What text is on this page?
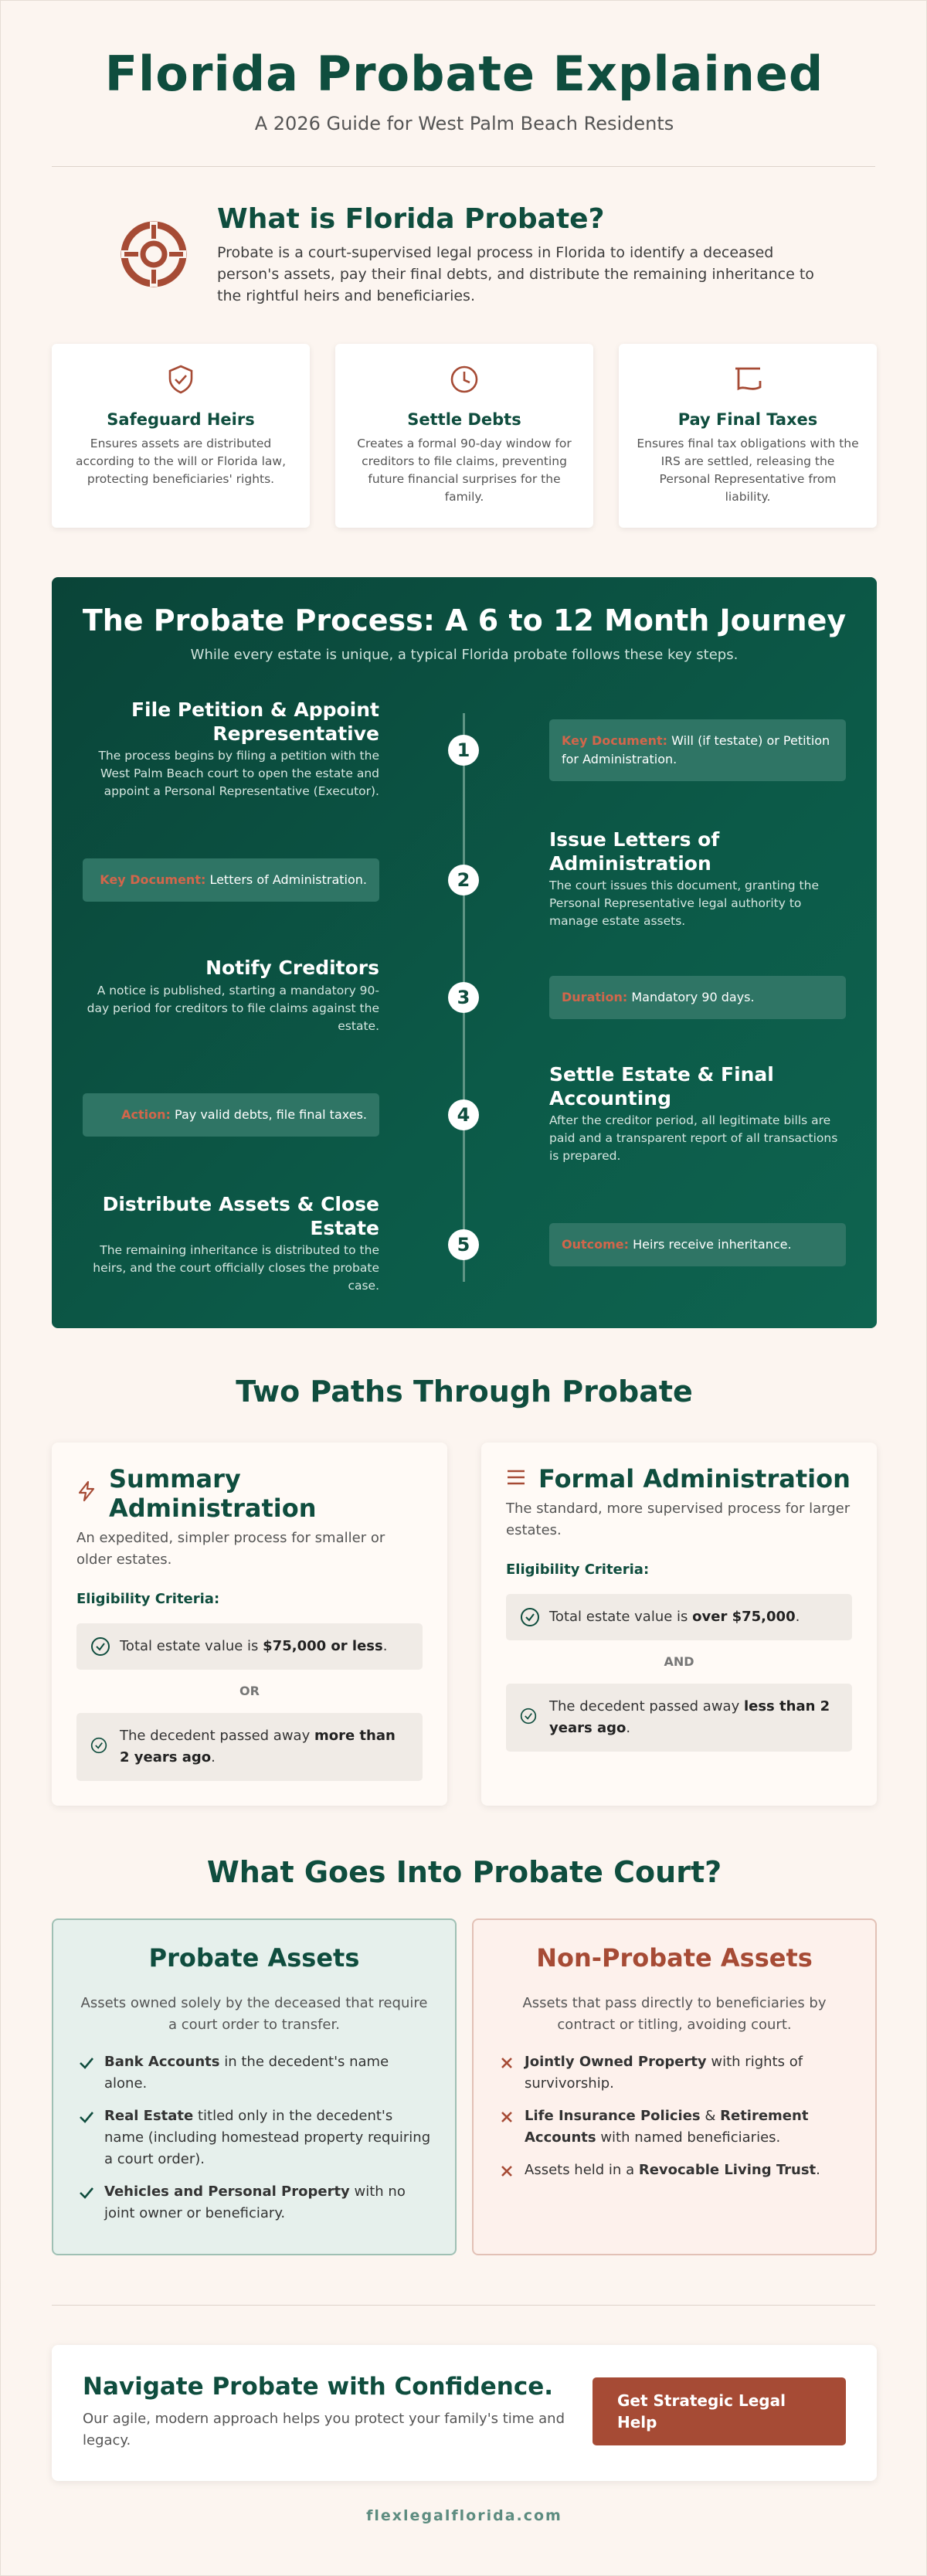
Florida Probate Explained
A 2026 Guide for West Palm Beach Residents
What is Florida Probate?

Probate is a court-supervised legal process in Florida to identify a deceased person's assets, pay their final debts, and distribute the remaining inheritance to the rightful heirs and beneficiaries.

Safeguard Heirs

Ensures assets are distributed according to the will or Florida law, protecting beneficiaries' rights.

Settle Debts

Creates a formal 90-day window for creditors to file claims, preventing future financial surprises for the family.

Pay Final Taxes

Ensures final tax obligations with the IRS are settled, releasing the Personal Representative from liability.

The Probate Process: A 6 to 12 Month Journey
While every estate is unique, a typical Florida probate follows these key steps.
File Petition & Appoint Representative
The process begins by filing a petition with the West Palm Beach court to open the estate and appoint a Personal Representative (Executor).
1	Key Document: Will (if testate) or Petition for Administration.
Issue Letters of Administration
The court issues this document, granting the Personal Representative legal authority to manage estate assets.
2
Key Document: Letters of Administration.
Notify Creditors
A notice is published, starting a mandatory 90-day period for creditors to file claims against the estate.
3	Duration: Mandatory 90 days.
Settle Estate & Final Accounting
After the creditor period, all legitimate bills are paid and a transparent report of all transactions is prepared.
4
Action: Pay valid debts, file final taxes.
Distribute Assets & Close Estate
The remaining inheritance is distributed to the heirs, and the court officially closes the probate case.
5	Outcome: Heirs receive inheritance.
Two Paths Through Probate
Summary Administration
An expedited, simpler process for smaller or older estates.
Eligibility Criteria:
Total estate value is $75,000 or less.
OR
The decedent passed away more than 2 years ago.
Formal Administration
The standard, more supervised process for larger estates.
Eligibility Criteria:
Total estate value is over $75,000.
AND
The decedent passed away less than 2 years ago.
What Goes Into Probate Court?
Probate Assets
Assets owned solely by the deceased that require a court order to transfer.
Bank Accounts in the decedent's name alone.
Real Estate titled only in the decedent's name (including homestead property requiring a court order).
Vehicles and Personal Property with no joint owner or beneficiary.
Non-Probate Assets
Assets that pass directly to beneficiaries by contract or titling, avoiding court.
Jointly Owned Property with rights of survivorship.
Life Insurance Policies & Retirement Accounts with named beneficiaries.
Assets held in a Revocable Living Trust.
Navigate Probate with Confidence.

Our agile, modern approach helps you protect your family's time and legacy.

Get Strategic Legal Help
flexlegalflorida.com
